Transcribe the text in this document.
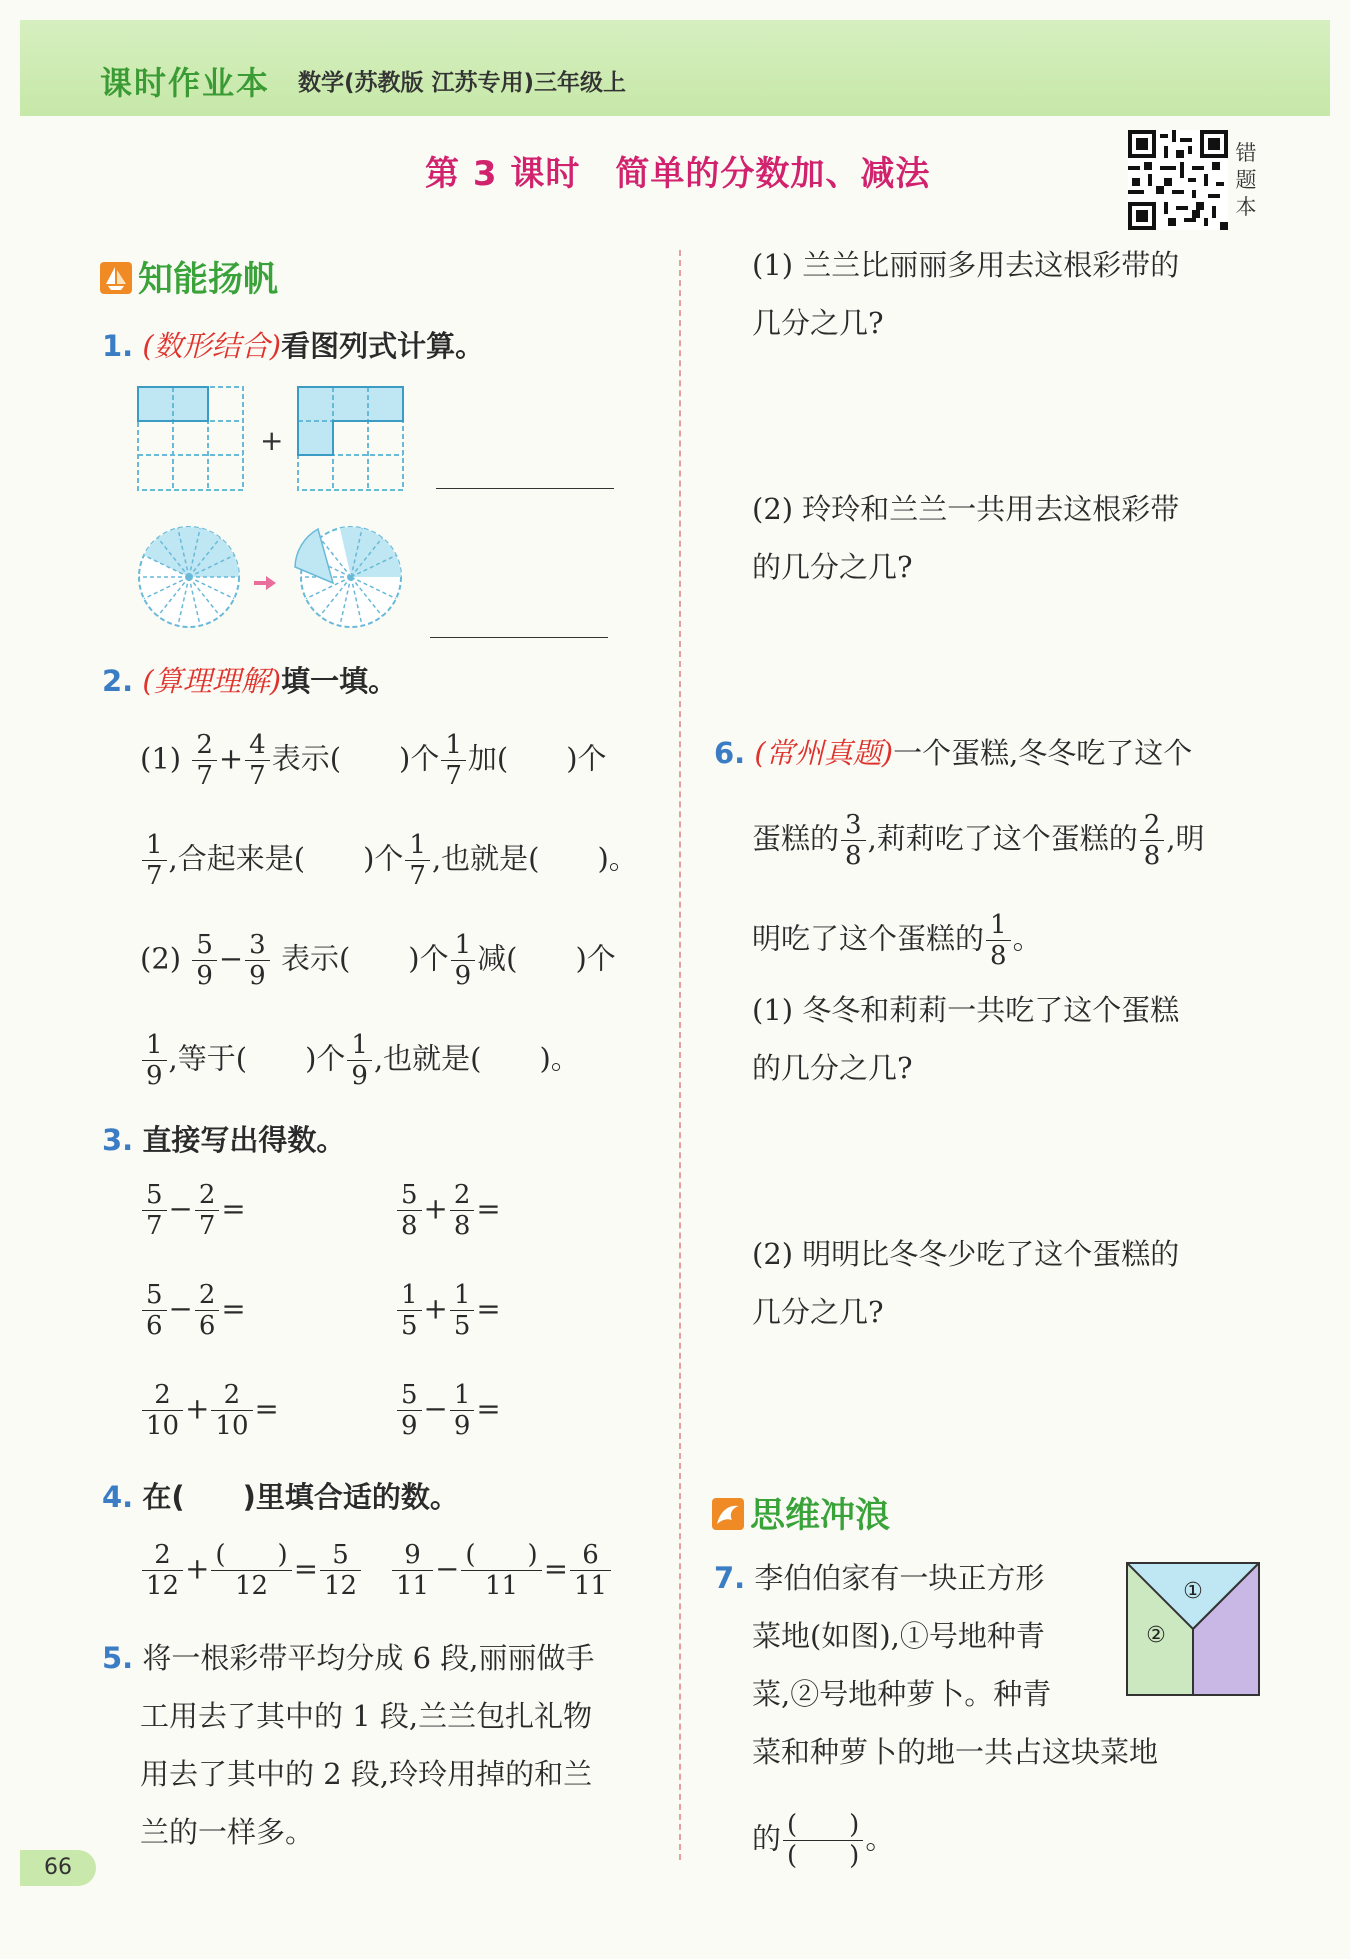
课时作业本 数学(苏教版 江苏专用)三年级上
第 3 课时　简单的分数加、减法
错
题
本
知能扬帆
1. (数形结合)看图列式计算。
+
2. (算理理解)填一填。
$(1) \frac{2}{7} + \frac{4}{7}$ 表示(　　)个 $\frac{1}{7}$ 加(　　)个
$\frac{1}{7}$ ,合起来是(　　)个 $\frac{1}{7}$ ,也就是(　　)。
$(2) \frac{5}{9} - \frac{3}{9}$ 表示(　　)个 $\frac{1}{9}$ 减(　　)个
$\frac{1}{9}$ ,等于(　　)个 $\frac{1}{9}$ ,也就是(　　)。
3. 直接写出得数。
$\frac{5}{7} - \frac{2}{7}$ =	$\frac{5}{8} + \frac{2}{8}$ =
$\frac{5}{6} - \frac{2}{6}$ =	$\frac{1}{5} + \frac{1}{5}$ =
$\frac{2}{10} + \frac{2}{10}$ =	$\frac{5}{9} - \frac{1}{9}$ =
4. 在(　　)里填合适的数。
$\frac{2}{12} + \frac{( )}{12} = \frac{5}{12} \frac{9}{11} - \frac{( )}{11} = \frac{6}{11}$
5. 将一根彩带平均分成 6 段,丽丽做手
工用去了其中的 1 段,兰兰包扎礼物
用去了其中的 2 段,玲玲用掉的和兰
兰的一样多。
(1) 兰兰比丽丽多用去这根彩带的
几分之几?
(2) 玲玲和兰兰一共用去这根彩带
的几分之几?
6. (常州真题)一个蛋糕,冬冬吃了这个
蛋糕的 $\frac{3}{8}$ ,莉莉吃了这个蛋糕的 $\frac{2}{8}$ ,明
明吃了这个蛋糕的 $\frac{1}{8}$ 。
(1) 冬冬和莉莉一共吃了这个蛋糕
的几分之几?
(2) 明明比冬冬少吃了这个蛋糕的
几分之几?
思维冲浪
7. 李伯伯家有一块正方形
菜地(如图),①号地种青
菜,②号地种萝卜。种青
菜和种萝卜的地一共占这块菜地
的 $\frac{( )}{( )}$ 。
①
②
66
